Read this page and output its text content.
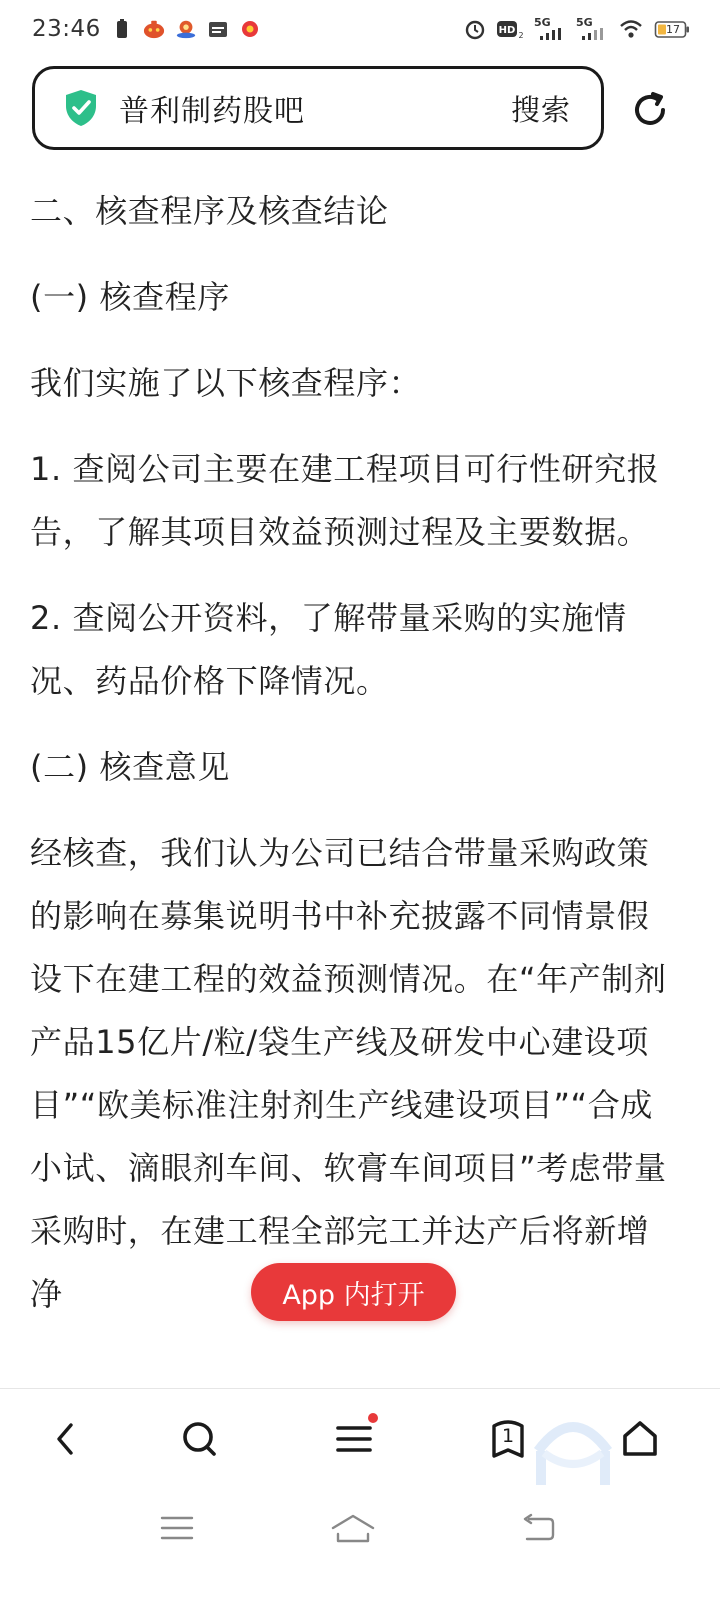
23:46	HD 2
5G 5G	17
普利制药股吧	搜索

二、核查程序及核查结论

(一) 核查程序

我们实施了以下核查程序：

1. 查阅公司主要在建工程项目可行性研究报告，了解其项目效益预测过程及主要数据。

2. 查阅公开资料，了解带量采购的实施情况、药品价格下降情况。

(二) 核查意见

经核查，我们认为公司已结合带量采购政策的影响在募集说明书中补充披露不同情景假设下在建工程的效益预测情况。在“年产制剂产品15亿片/粒/袋生产线及研发中心建设项目”“欧美标准注射剂生产线建设项目”“合成小试、滴眼剂车间、软膏车间项目”考虑带量采购时，在建工程全部完工并达产后将新增净	App 内打开
1
